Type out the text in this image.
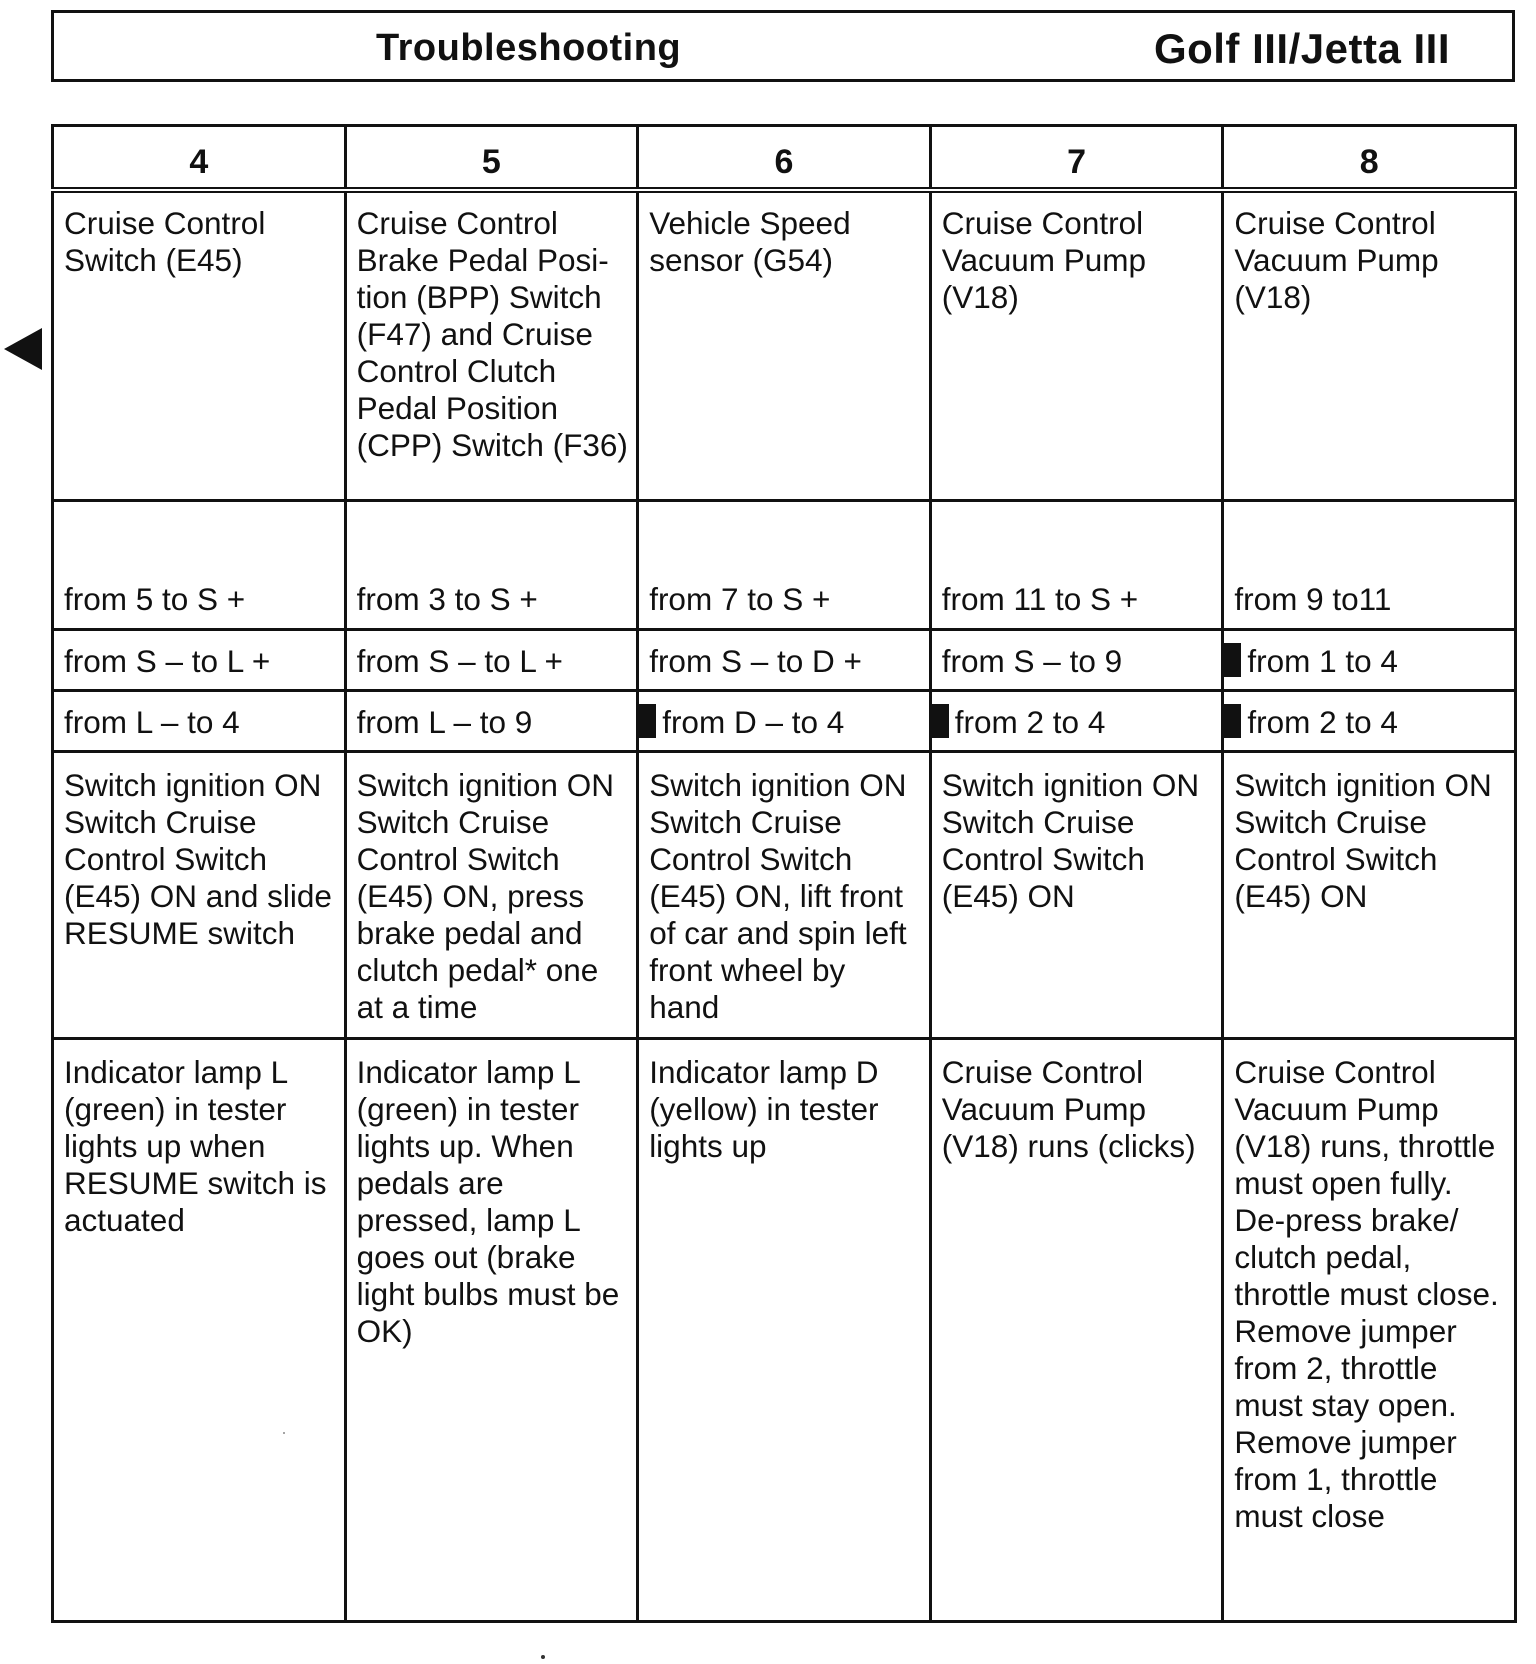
Troubleshooting	Golf III/Jetta III
4	5	6	7	8
Cruise Control Switch (E45)	Cruise Control Brake Pedal Posi-tion (BPP) Switch (F47) and Cruise Control Clutch Pedal Position (CPP) Switch (F36)	Vehicle Speed sensor (G54)	Cruise Control Vacuum Pump (V18)	Cruise Control Vacuum Pump (V18)
from 5 to S +	from 3 to S +	from 7 to S +	from 11 to S +	from 9 to11
from S – to L +	from S – to L +	from S – to D +	from S – to 9	from 1 to 4
from L – to 4	from L – to 9	from D – to 4	from 2 to 4	from 2 to 4
Switch ignition ON Switch Cruise Control Switch (E45) ON and slide RESUME switch	Switch ignition ON Switch Cruise Control Switch (E45) ON, press brake pedal and clutch pedal* one at a time	Switch ignition ON Switch Cruise Control Switch (E45) ON, lift front of car and spin left front wheel by hand	Switch ignition ON Switch Cruise Control Switch (E45) ON	Switch ignition ON Switch Cruise Control Switch (E45) ON
Indicator lamp L (green) in tester lights up when RESUME switch is actuated	Indicator lamp L (green) in tester lights up. When pedals are pressed, lamp L goes out (brake light bulbs must be OK)	Indicator lamp D (yellow) in tester lights up	Cruise Control Vacuum Pump (V18) runs (clicks)	Cruise Control Vacuum Pump (V18) runs, throttle must open fully. De-press brake/ clutch pedal, throttle must close. Remove jumper from 2, throttle must stay open. Remove jumper from 1, throttle must close
